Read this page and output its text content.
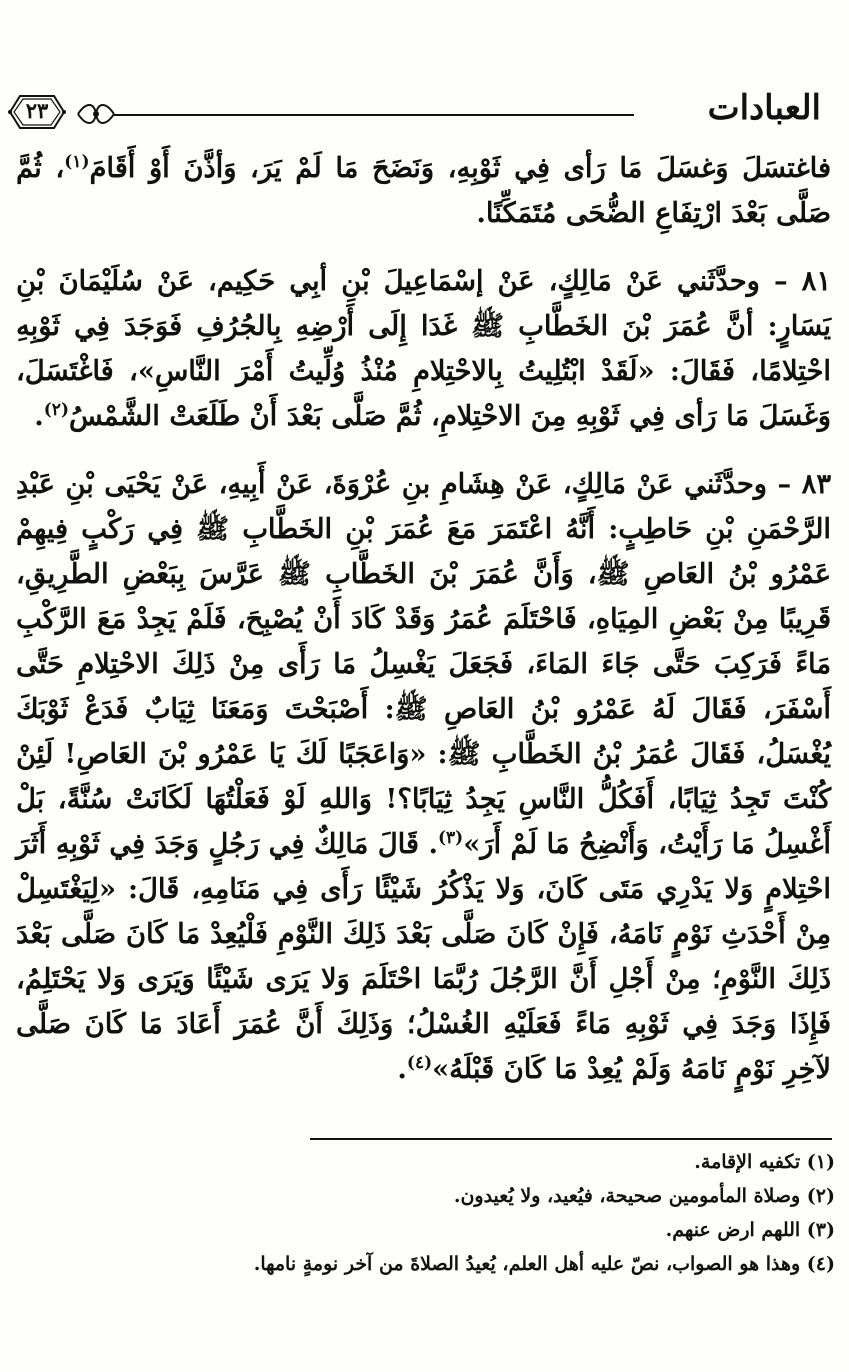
٢٣	العبادات

فاغتسَلَ وَغسَلَ مَا رَأى فِي ثَوْبِهِ، وَنَضَحَ مَا لَمْ يَرَ، وَأذَّنَ أَوْ أَقَامَ$^{(١)}$، ثُمَّ صَلَّى بَعْدَ ارْتِفَاعِ الضُّحَى مُتَمَكِّنًا.

٨١ – وحدَّثَني عَنْ مَالِكٍ، عَنْ إسْمَاعِيلَ بْنِ أبِي حَكِيم، عَنْ سُلَيْمَانَ بْنِ يَسَارٍ: أنَّ عُمَرَ بْنَ الخَطَّابِ ﷺ غَدَا إِلَى أَرْضِهِ بِالجُرُفِ فَوَجَدَ فِي ثَوْبِهِ احْتِلامًا، فَقَالَ: «لَقَدْ ابْتُلِيتُ بِالاحْتِلامِ مُنْذُ وُلِّيتُ أَمْرَ النَّاسِ»، فَاغْتَسَلَ، وَغَسَلَ مَا رَأى فِي ثَوْبِهِ مِنَ الاحْتِلامِ، ثُمَّ صَلَّى بَعْدَ أَنْ طَلَعَتْ الشَّمْسُ$^{(٢)}$.

٨٣ – وحدَّثَني عَنْ مَالِكٍ، عَنْ هِشَامِ بنِ عُرْوَةَ، عَنْ أَبِيهِ، عَنْ يَحْيَى بْنِ عَبْدِ الرَّحْمَنِ بْنِ حَاطِبٍ: أَنَّهُ اعْتَمَرَ مَعَ عُمَرَ بْنِ الخَطَّابِ ﷺ فِي رَكْبٍ فِيهِمْ عَمْرُو بْنُ العَاصِ ﷺ، وَأَنَّ عُمَرَ بْنَ الخَطَّابِ ﷺ عَرَّسَ بِبَعْضِ الطَّرِيقِ، قَرِيبًا مِنْ بَعْضِ المِيَاهِ، فَاحْتَلَمَ عُمَرُ وَقَدْ كَادَ أَنْ يُصْبِحَ، فَلَمْ يَجِدْ مَعَ الرَّكْبِ مَاءً فَرَكِبَ حَتَّى جَاءَ المَاءَ، فَجَعَلَ يَغْسِلُ مَا رَأَى مِنْ ذَلِكَ الاحْتِلامِ حَتَّى أَسْفَرَ، فَقَالَ لَهُ عَمْرُو بْنُ العَاصِ ﷺ: أَصْبَحْتَ وَمَعَنَا ثِيَابٌ فَدَعْ ثَوْبَكَ يُغْسَلُ، فَقَالَ عُمَرُ بْنُ الخَطَّابِ ﷺ: «وَاعَجَبًا لَكَ يَا عَمْرُو بْنَ العَاصِ! لَئِنْ كُنْتَ تَجِدُ ثِيَابًا، أَفَكُلُّ النَّاسِ يَجِدُ ثِيَابًا؟! وَاللهِ لَوْ فَعَلْتُهَا لَكَانَتْ سُنَّةً، بَلْ أَغْسِلُ مَا رَأَيْتُ، وَأَنْضِحُ مَا لَمْ أَرَ»$^{(٣)}$. قَالَ مَالِكٌ فِي رَجُلٍ وَجَدَ فِي ثَوْبِهِ أَثَرَ احْتِلامٍ وَلا يَدْرِي مَتَى كَانَ، وَلا يَذْكُرُ شَيْئًا رَأَى فِي مَنَامِهِ، قَالَ: «لِيَغْتَسِلْ مِنْ أَحْدَثِ نَوْمٍ نَامَهُ، فَإِنْ كَانَ صَلَّى بَعْدَ ذَلِكَ النَّوْمِ فَلْيُعِدْ مَا كَانَ صَلَّى بَعْدَ ذَلِكَ النَّوْمِ؛ مِنْ أَجْلِ أَنَّ الرَّجُلَ رُبَّمَا احْتَلَمَ وَلا يَرَى شَيْئًا وَيَرَى وَلا يَحْتَلِمُ، فَإِذَا وَجَدَ فِي ثَوْبِهِ مَاءً فَعَلَيْهِ الغُسْلُ؛ وَذَلِكَ أَنَّ عُمَرَ أَعَادَ مَا كَانَ صَلَّى لآخِرِ نَوْمٍ نَامَهُ وَلَمْ يُعِدْ مَا كَانَ قَبْلَهُ»$^{(٤)}$.

(١) تكفيه الإقامة.
(٢) وصلاة المأمومين صحيحة، فيُعيد، ولا يُعيدون.
(٣) اللهم ارض عنهم.
(٤) وهذا هو الصواب، نصّ عليه أهل العلم، يُعيدُ الصلاةَ من آخر نومةٍ نامها.
